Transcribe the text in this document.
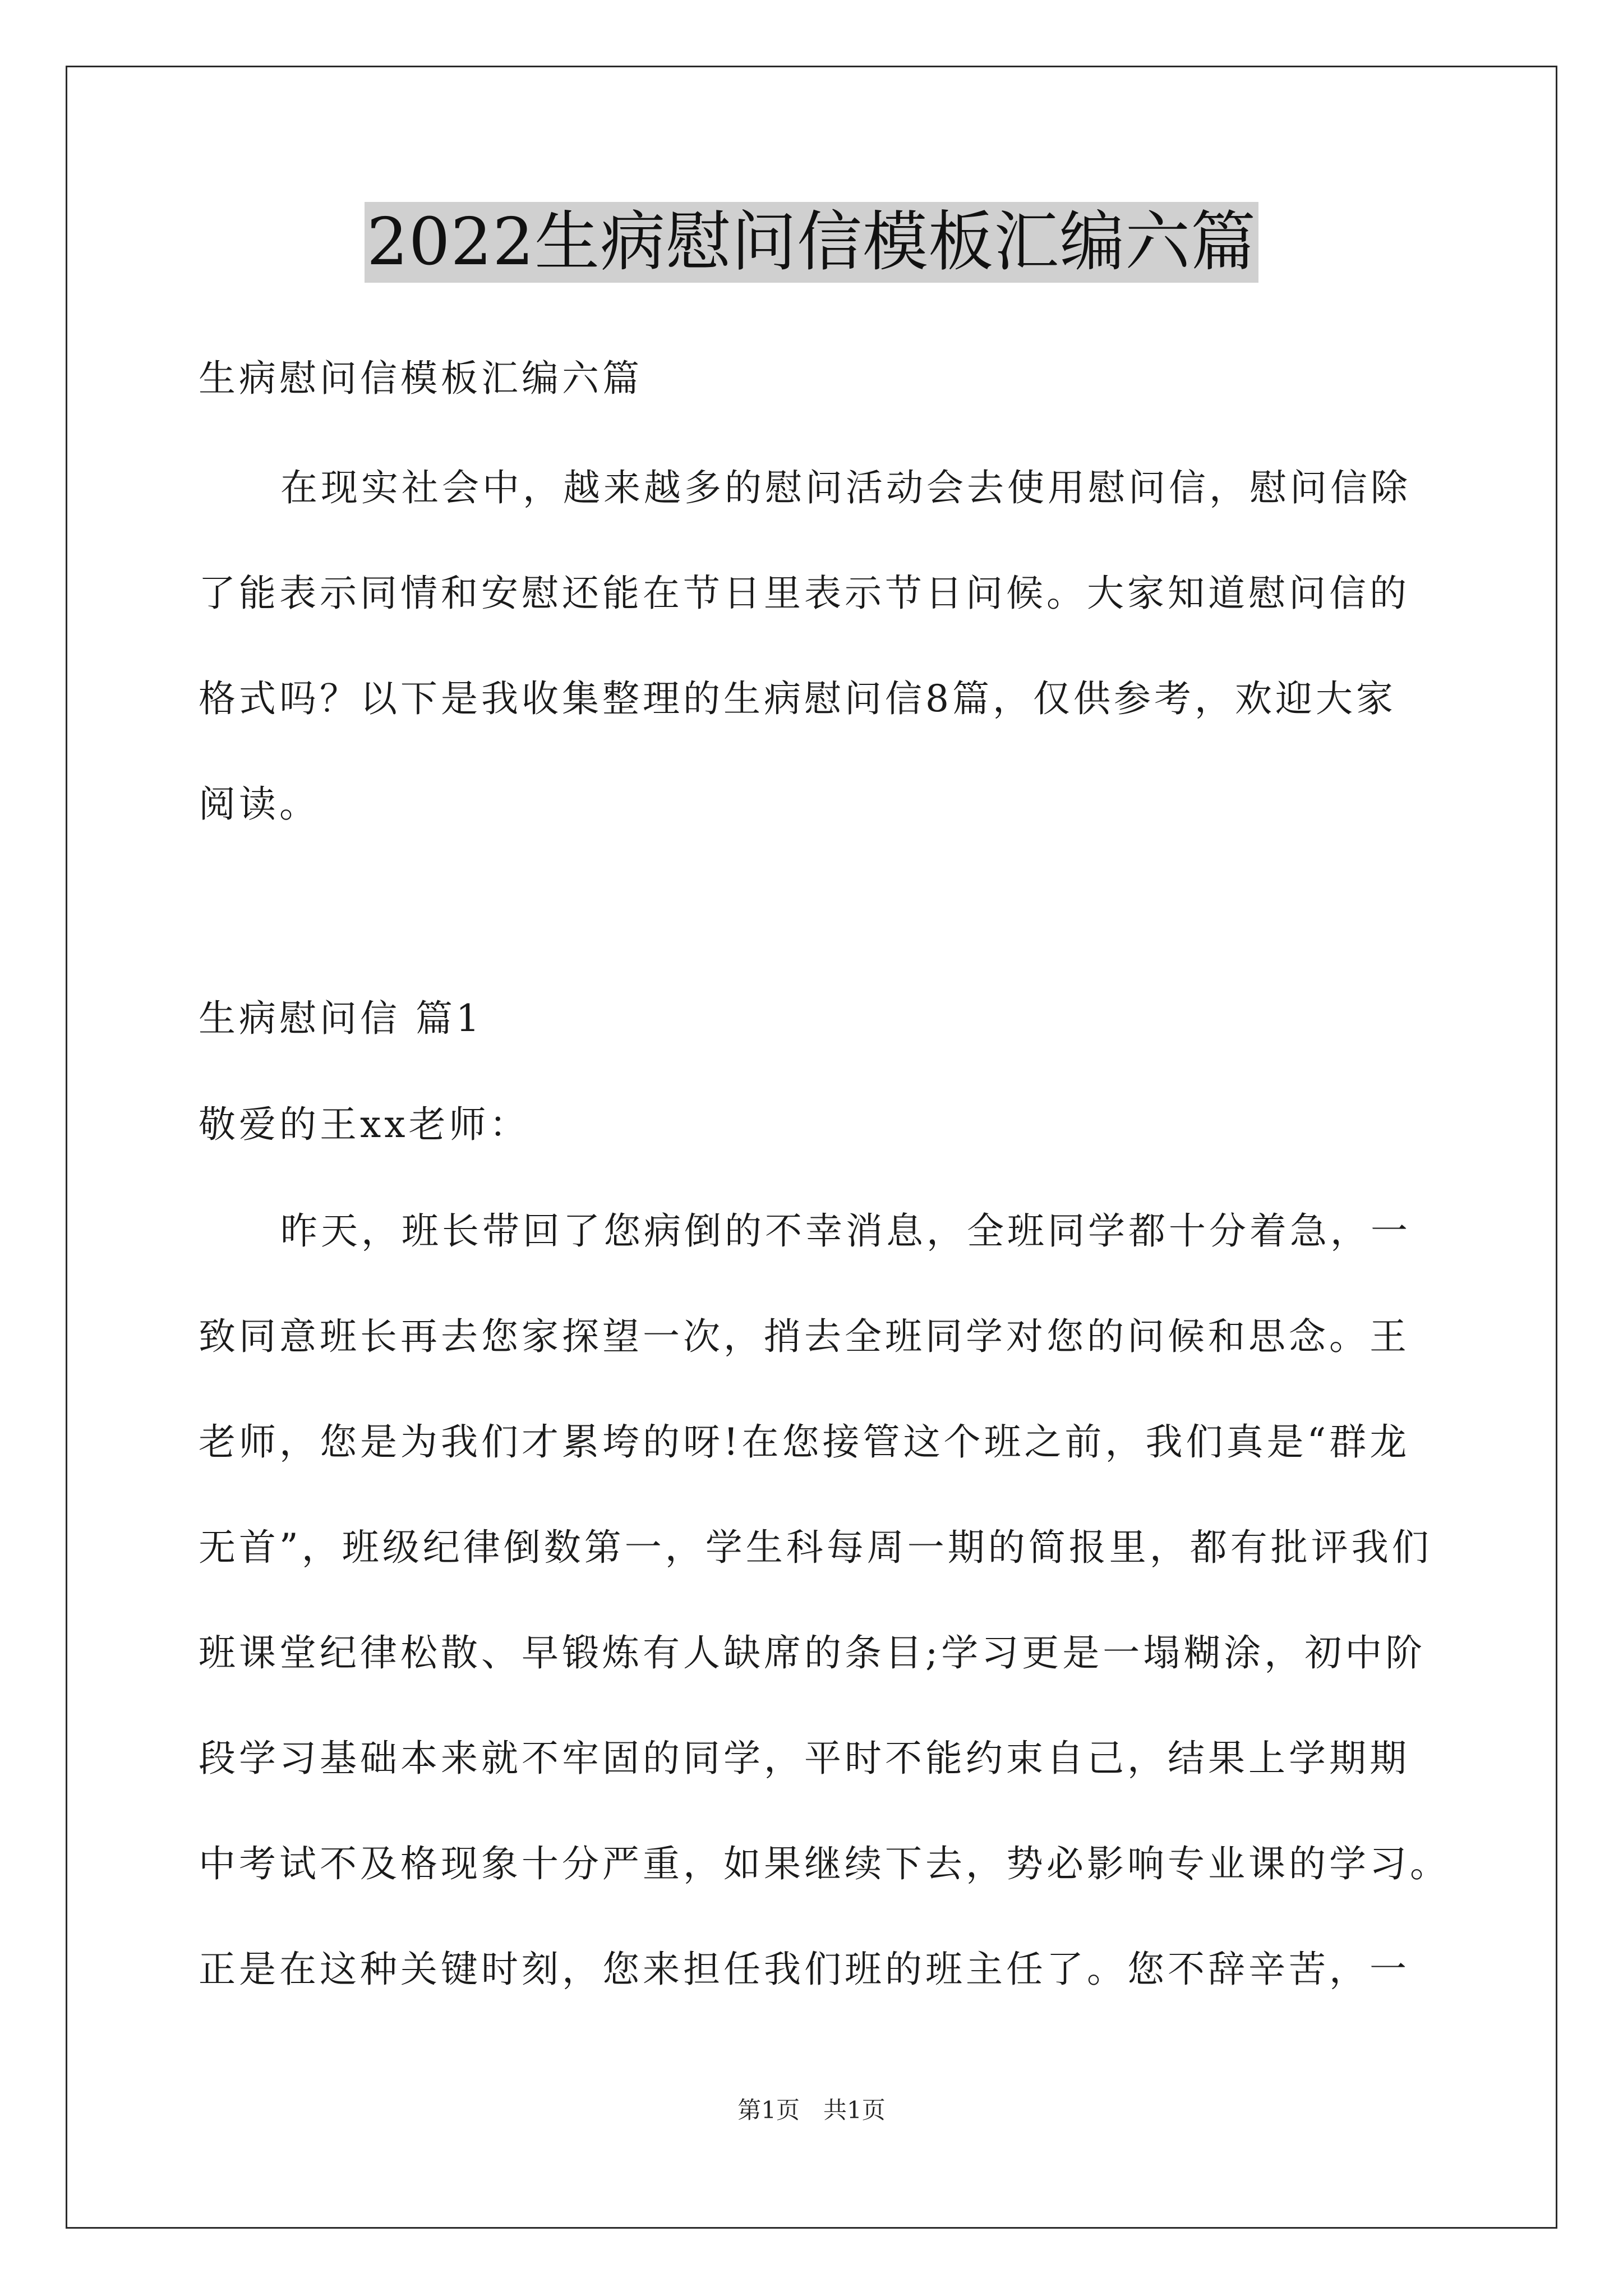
2022生病慰问信模板汇编六篇
生病慰问信模板汇编六篇
在现实社会中，越来越多的慰问活动会去使用慰问信，慰问信除
了能表示同情和安慰还能在节日里表示节日问候。大家知道慰问信的
格式吗？以下是我收集整理的生病慰问信8篇，仅供参考，欢迎大家
阅读。
生病慰问信 篇1
敬爱的王xx老师：
昨天，班长带回了您病倒的不幸消息，全班同学都十分着急，一
致同意班长再去您家探望一次，捎去全班同学对您的问候和思念。王
老师，您是为我们才累垮的呀!在您接管这个班之前，我们真是“群龙
无首”，班级纪律倒数第一，学生科每周一期的简报里，都有批评我们
班课堂纪律松散、早锻炼有人缺席的条目;学习更是一塌糊涂，初中阶
段学习基础本来就不牢固的同学，平时不能约束自己，结果上学期期
中考试不及格现象十分严重，如果继续下去，势必影响专业课的学习。
正是在这种关键时刻，您来担任我们班的班主任了。您不辞辛苦，一
第1页　共1页
